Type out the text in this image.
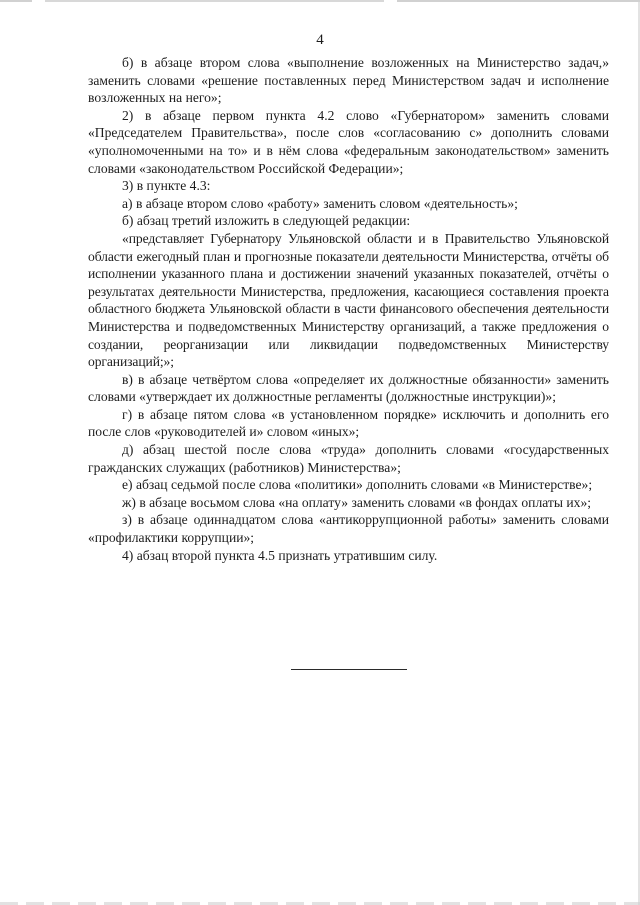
4

б) в абзаце втором слова «выполнение возложенных на Министерство задач,» заменить словами «решение поставленных перед Министерством задач и исполнение возложенных на него»;

2) в абзаце первом пункта 4.2 слово «Губернатором» заменить словами «Председателем Правительства», после слов «согласованию с» дополнить словами «уполномоченными на то» и в нём слова «федеральным законодательством» заменить словами «законодательством Российской Федерации»;

3) в пункте 4.3:

а) в абзаце втором слово «работу» заменить словом «деятельность»;

б) абзац третий изложить в следующей редакции:

«представляет Губернатору Ульяновской области и в Правительство Ульяновской области ежегодный план и прогнозные показатели деятельности Министерства, отчёты об исполнении указанного плана и достижении значений указанных показателей, отчёты о результатах деятельности Министерства, предложения, касающиеся составления проекта областного бюджета Ульяновской области в части финансового обеспечения деятельности Министерства и подведомственных Министерству организаций, а также предложения о создании, реорганизации или ликвидации подведомственных Министерству организаций;»;

в) в абзаце четвёртом слова «определяет их должностные обязанности» заменить словами «утверждает их должностные регламенты (должностные инструкции)»;

г) в абзаце пятом слова «в установленном порядке» исключить и дополнить его после слов «руководителей и» словом «иных»;

д) абзац шестой после слова «труда» дополнить словами «государственных гражданских служащих (работников) Министерства»;

е) абзац седьмой после слова «политики» дополнить словами «в Министерстве»;

ж) в абзаце восьмом слова «на оплату» заменить словами «в фондах оплаты их»;

з) в абзаце одиннадцатом слова «антикоррупционной работы» заменить словами «профилактики коррупции»;

4) абзац второй пункта 4.5 признать утратившим силу.
